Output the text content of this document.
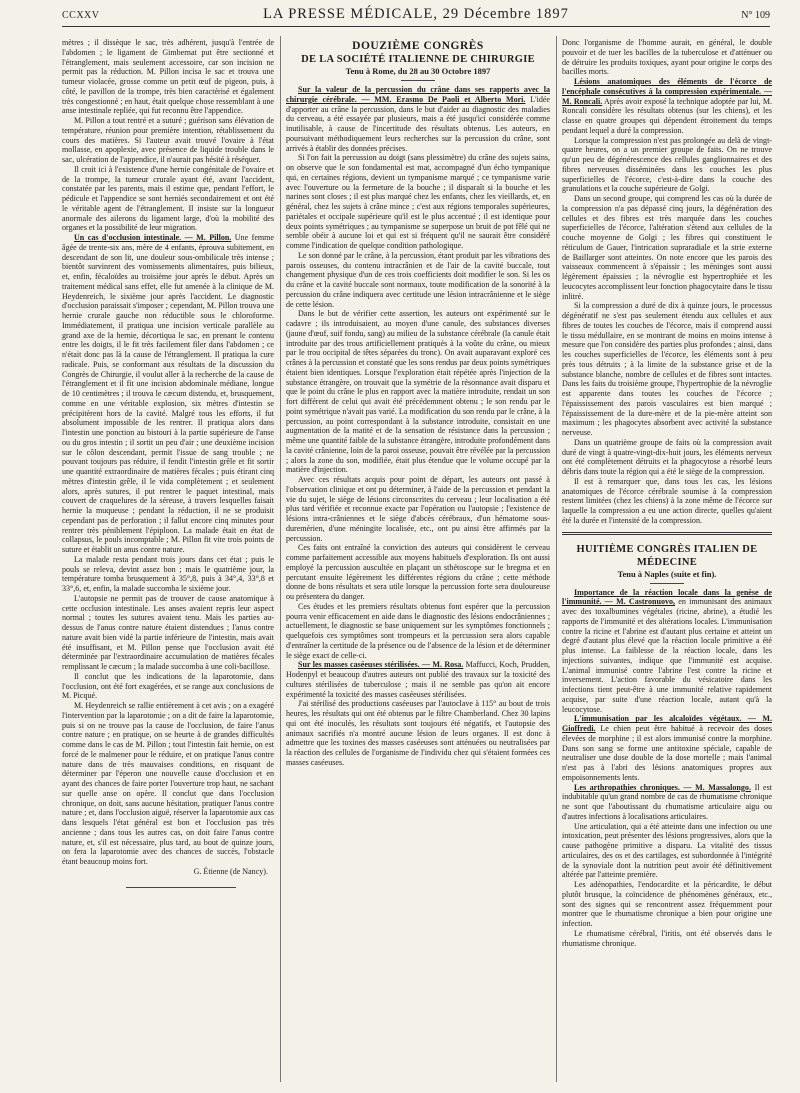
CCXXV	LA PRESSE MÉDICALE, 29 Décembre 1897	N° 109

mètres ; il dissèque le sac, très adhérent, jusqu'à l'entrée de l'abdomen ; le ligament de Gimbernat put être sectionné et l'étranglement, mais seulement accessoire, car son incision ne permit pas la réduction. M. Pillon incisa le sac et trouva une tumeur violacée, grosse comme un petit œuf de pigeon, puis, à côté, le pavillon de la trompe, très bien caractérisé et également très congestionné ; en haut, était quelque chose ressemblant à une anse intestinale repliée, qui fut reconnu être l'appendice.

M. Pillon a tout rentré et a suturé ; guérison sans élévation de température, réunion pour première intention, rétablissement du cours des matières. Si l'auteur avait trouvé l'ovaire à l'état mollasse, en apoplexie, avec présence de liquide trouble dans le sac, ulcération de l'appendice, il n'aurait pas hésité à réséquer.

Il croit ici à l'existence d'une hernie congénitale de l'ovaire et de la trompe, la tumeur crurale ayant été, avant l'accident, constatée par les parents, mais il estime que, pendant l'effort, le pédicule et l'appendice se sont herniés secondairement et ont été le véritable agent de l'étranglement. Il insiste sur la longueur anormale des ailerons du ligament large, d'où la mobilité des organes et la possibilité de leur migration.

Un cas d'occlusion intestinale. — M. Pillon. Une femme âgée de trente-six ans, mère de 4 enfants, éprouva subitement, en descendant de son lit, une douleur sous-ombilicale très intense ; bientôt survinrent des vomissements alimentaires, puis bilieux, et, enfin, fécaloïdes au troisième jour après le début. Après un traitement médical sans effet, elle fut amenée à la clinique de M. Heydenreich, le sixième jour après l'accident. Le diagnostic d'occlusion paraissait s'imposer ; cependant, M. Pillon trouva une hernie crurale gauche non réductible sous le chloroforme. Immédiatement, il pratiqua une incision verticale parallèle au grand axe de la hernie, décortiqua le sac, en prenant le contenu entre les doigts, il le fit très facilement filer dans l'abdomen ; ce n'était donc pas là la cause de l'étranglement. Il pratiqua la cure radicale. Puis, se conformant aux résultats de la discussion du Congrès de Chirurgie, il voulut aller à la recherche de la cause de l'étranglement et il fit une incision abdominale médiane, longue de 10 centimètres ; il trouva le cæcum distendu, et, brusquement, comme en une véritable explosion, six mètres d'intestin se précipitèrent hors de la cavité. Malgré tous les efforts, il fut absolument impossible de les rentrer. Il pratiqua alors dans l'intestin une ponction au bistouri à la partie supérieure de l'anse ou du gros intestin ; il sortit un peu d'air ; une deuxième incision sur le côlon descendant, permit l'issue de sang trouble ; ne pouvant toujours pas réduire, il fendit l'intestin grêle et fit sortir une quantité extraordinaire de matières fécales ; puis étirant cinq mètres d'intestin grêle, il le vida complètement ; et seulement alors, après sutures, il put rentrer le paquet intestinal, mais couvert de craquelures de la séreuse, à travers lesquelles faisait hernie la muqueuse ; pendant la réduction, il ne se produisit cependant pas de perforation ; il fallut encore cinq minutes pour rentrer très péniblement l'épiploon. La malade était en état de collapsus, le pouls incomptable ; M. Pillon fit vite trois points de suture et établit un anus contre nature.

La malade resta pendant trois jours dans cet état ; puis le pouls se releva, devint assez bon ; mais le quatrième jour, la température tomba brusquement à 35°,8, puis à 34°,4, 33°,8 et 33°,6, et, enfin, la malade succomba le sixième jour.

L'autopsie ne permit pas de trouver de cause anatomique à cette occlusion intestinale. Les anses avaient repris leur aspect normal ; toutes les sutures avaient tenu. Mais les parties au-dessus de l'anus contre nature étaient distendues ; l'anus contre nature avait bien vidé la partie inférieure de l'intestin, mais avait été insuffisant, et M. Pillon pense que l'occlusion avait été déterminée par l'extraordinaire accumulation de matières fécales remplissant le cæcum ; la malade succomba à une coli-bacillose.

Il conclut que les indications de la laparotomie, dans l'occlusion, ont été fort exagérées, et se range aux conclusions de M. Picqué.

M. Heydenreich se rallie entièrement à cet avis ; on a exagéré l'intervention par la laparotomie ; on a dit de faire la laparotomie, puis si on ne trouve pas la cause de l'occlusion, de faire l'anus contre nature ; en pratique, on se heurte à de grandes difficultés comme dans le cas de M. Pillon ; tout l'intestin fait hernie, on est forcé de le malmener pour le réduire, et on pratique l'anus contre nature dans de très mauvaises conditions, en risquant de déterminer par l'éperon une nouvelle cause d'occlusion et en ayant des chances de faire porter l'ouverture trop haut, ne sachant sur quelle anse on opère. Il conclut que dans l'occlusion chronique, on doit, sans aucune hésitation, pratiquer l'anus contre nature ; et, dans l'occlusion aiguë, réserver la laparotomie aux cas dans lesquels l'état général est bon et l'occlusion pas très ancienne ; dans tous les autres cas, on doit faire l'anus contre nature, et, s'il est nécessaire, plus tard, au bout de quinze jours, on fera la laparotomie avec des chances de succès, l'obstacle étant beaucoup moins fort.

G. Étienne (de Nancy).

DOUZIÈME CONGRÈS
DE LA SOCIÉTÉ ITALIENNE DE CHIRURGIE
Tenu à Rome, du 28 au 30 Octobre 1897

Sur la valeur de la percussion du crâne dans ses rapports avec la chirurgie cérébrale. — MM. Erasmo De Paoli et Alberto Mori. L'idée d'apporter au crâne la percussion, dans le but d'aider au diagnostic des maladies du cerveau, a été essayée par plusieurs, mais a été jusqu'ici considérée comme inutilisable, à cause de l'incertitude des résultats obtenus. Les auteurs, en poursuivant méthodiquement leurs recherches sur la percussion du crâne, sont arrivés à établir des données précises.

Si l'on fait la percussion au doigt (sans plessimètre) du crâne des sujets sains, on observe que le son fondamental est mat, accompagné d'un écho tympanique qui, en certaines régions, devient un tympanisme marqué ; ce tympanisme varie avec l'ouverture ou la fermeture de la bouche ; il disparaît si la bouche et les narines sont closes ; il est plus marqué chez les enfants, chez les vieillards, et, en général, chez les sujets à crâne mince ; c'est aux régions temporales supérieures, pariétales et occipale supérieure qu'il est le plus accentué ; il est identique pour deux points symétriques ; au tympanisme se superpose un bruit de pot fêlé qui ne semble obéir à aucune loi et qui est si fréquent qu'il ne saurait être considéré comme l'indication de quelque condition pathologique.

Le son donné par le crâne, à la percussion, étant produit par les vibrations des parois osseuses, du contenu intracrânien et de l'air de la cavité buccale, tout changement physique d'un de ces trois coefficients doit modifier le son. Si les os du crâne et la cavité buccale sont normaux, toute modification de la sonorité à la percussion du crâne indiquera avec certitude une lésion intracrânienne et le siège de cette lésion.

Dans le but de vérifier cette assertion, les auteurs ont expérimenté sur le cadavre ; ils introduisaient, au moyen d'une canule, des substances diverses (jaune d'œuf, suif fondu, sang) au milieu de la substance cérébrale (la canule était introduite par des trous artificiellement pratiqués à la voûte du crâne, ou mieux par le trou occipital de têtes séparées du tronc). On avait auparavant exploré ces crânes à la percussion et constaté que les sons rendus par deux points symétriques étaient bien identiques. Lorsque l'exploration était répétée après l'injection de la substance étrangère, on trouvait que la symétrie de la résonnance avait disparu et que le point du crâne le plus en rapport avec la matière introduite, rendait un son fort différent de celui qui avait été précédemment obtenu ; le son rendu par le point symétrique n'avait pas varié. La modification du son rendu par le crâne, à la percussion, au point correspondant à la substance introduite, consistait en une augmentation de la matité et de la sensation de résistance dans la percussion ; même une quantité faible de la substance étrangère, introduite profondément dans la cavité crânienne, loin de la paroi osseuse, pouvait être révélée par la percussion ; alors la zone du son, modifiée, était plus étendue que le volume occupé par la matière d'injection.

Avec ces résultats acquis pour point de départ, les auteurs ont passé à l'observation clinique et ont pu déterminer, à l'aide de la percussion et pendant la vie du sujet, le siège de lésions circonscrites du cerveau ; leur localisation a été plus tard vérifiée et reconnue exacte par l'opération ou l'autopsie ; l'existence de lésions intra-crâniennes et le siège d'abcès cérébraux, d'un hématome sous-duremérien, d'une méningite localisée, etc., ont pu ainsi être affirmés par la percussion.

Ces faits ont entraîné la conviction des auteurs qui considèrent le cerveau comme parfaitement accessible aux moyens habituels d'exploration. Ils ont aussi employé la percussion auscultée en plaçant un sthétoscope sur le bregma et en percutant ensuite légèrement les différentes régions du crâne ; cette méthode donne de bons résultats et sera utile lorsque la percussion forte sera douloureuse ou présentera du danger.

Ces études et les premiers résultats obtenus font espérer que la percussion pourra venir efficacement en aide dans le diagnostic des lésions endocrâniennes ; actuellement, le diagnostic se base uniquement sur les symptômes fonctionnels ; quelquefois ces symptômes sont trompeurs et la percussion sera alors capable d'entraîner la certitude de la présence ou de l'absence de la lésion et de déterminer le siège exact de celle-ci.

Sur les masses caséeuses stérilisées. — M. Rosa. Maffucci, Koch, Prudden, Hodenpyl et beaucoup d'autres auteurs ont publié des travaux sur la toxicité des cultures stérilisées de tuberculose ; mais il ne semble pas qu'on ait encore expérimenté la toxicité des masses caséeuses stérilisées.

J'ai stérilisé des productions caséeuses par l'autoclave à 115° au bout de trois heures, les résultats qui ont été obtenus par le filtre Chamberland. Chez 30 lapins qui ont été inoculés, les résultats sont toujours été négatifs, et l'autopsie des animaux sacrifiés n'a montré aucune lésion de leurs organes. Il est donc à admettre que les toxines des masses caséeuses sont atténuées ou neutralisées par la réaction des cellules de l'organisme de l'individu chez qui s'étaient formées ces masses caséeuses.

Donc l'organisme de l'homme aurait, en général, le double pouvoir et de tuer les bacilles de la tuberculose et d'atténuer ou de détruire les produits toxiques, ayant pour origine le corps des bacilles morts.

Lésions anatomiques des éléments de l'écorce de l'encéphale consécutives à la compression expérimentale. — M. Roncali. Après avoir exposé la technique adoptée par lui, M. Roncali considère les résultats obtenus (sur les chiens), et les classe en quatre groupes qui dépendent étroitement du temps pendant lequel a duré la compression.

Lorsque la compression n'est pas prolongée au delà de vingt-quatre heures, on a un premier groupe de faits. On ne trouve qu'un peu de dégénérescence des cellules ganglionnaires et des fibres nerveuses disséminées dans les couches les plus superficielles de l'écorce, c'est-à-dire dans la couche des granulations et la couche supérieure de Golgi.

Dans un second groupe, qui comprend les cas où la durée de la compression n'a pas dépassé cinq jours, la dégénération des cellules et des fibres est très marquée dans les couches superficielles de l'écorce, l'altération s'étend aux cellules de la couche moyenne de Golgi ; les fibres qui constituent le réticulum de Gauer, l'intrication supraradiale et la strie externe de Baillarger sont atteintes. On note encore que les parois des vaisseaux commencent à s'épaissir ; les méninges sont aussi légèrement épaissies ; la névroglie est hypertrophiée et les leucocytes accomplissent leur fonction phagocytaire dans le tissu inlitré.

Si la compression a duré de dix à quinze jours, le processus dégénératif ne s'est pas seulement étendu aux cellules et aux fibres de toutes les couches de l'écorce, mais il comprend aussi le tissu médullaire, en se montrant de moins en moins intense à mesure que l'on considère des parties plus profondes ; ainsi, dans les couches superficielles de l'écorce, les éléments sont à peu près tous détruits ; à la limite de la substance grise et de la substance blanche, nombre de cellules et de fibres sont intactes. Dans les faits du troisième groupe, l'hypertrophie de la névroglie est apparente dans toutes les couches de l'écorce ; l'épaississement des parois vasculaires est bien marqué ; l'épaississement de la dure-mère et de la pie-mère atteint son maximum ; les phagocytes absorbent avec activité la substance nerveuse.

Dans un quatrième groupe de faits où la compression avait duré de vingt à quatre-vingt-dix-huit jours, les éléments nerveux ont été complètement détruits et la phagocytose a résorbé leurs débris dans toute la région qui a été le siège de la compression.

Il est à remarquer que, dans tous les cas, les lésions anatomiques de l'écorce cérébrale soumise à la compression restent limitées (chez les chiens) à la zone même de l'écorce sur laquelle la compression a eu une action directe, quelles qu'aient été la durée et l'intensité de la compression.

HUITIÈME CONGRÈS ITALIEN DE MÉDECINE
Tenu à Naples (suite et fin).

Importance de la réaction locale dans la genèse de l'immunité. — M. Castronuovo, en immunisant des animaux avec des toxalbumines végétales (ricine, abrine), a étudié les rapports de l'immunité et des altérations locales. L'immunisation contre la ricine et l'abrine est d'autant plus certaine et atteint un degré d'autant plus élevé que la réaction locale primitive a été plus intense. La faiblesse de la réaction locale, dans les injections suivantes, indique que l'immunité est acquise. L'animal immunisé contre l'abrine l'est contre la ricine et inversement. L'action favorable du vésicatoire dans les infections tient peut-être à une immunité relative rapidement acquise, par suite d'une réaction locale, autant qu'à la leucocytose.

L'immunisation par les alcaloïdes végétaux. — M. Gioffredi. Le chien peut être habitué à recevoir des doses élevées de morphine ; il est alors immunisé contre la morphine. Dans son sang se forme une antitoxine spéciale, capable de neutraliser une dose double de la dose mortelle ; mais l'animal n'est pas à l'abri des lésions anatomiques propres aux empoisonnements lents.

Les arthropathies chroniques. — M. Massalongo. Il est indubitable qu'un grand nombre de cas de rhumatisme chronique ne sont que l'aboutissant du rhumatisme articulaire aigu ou d'autres infections à localisations articulaires.

Une articulation, qui a été atteinte dans une infection ou une intoxication, peut présenter des lésions progressives, alors que la cause pathogène primitive a disparu. La vitalité des tissus articulaires, des os et des cartilages, est subordonnée à l'intégrité de la synoviale dont la nutrition peut avoir été définitivement altérée par l'atteinte première.

Les adénopathies, l'endocardite et la péricardite, le début plutôt brusque, la coïncidence de phénomènes généraux, etc., sont des signes qui se rencontrent assez fréquemment pour montrer que le rhumatisme chronique a bien pour origine une infection.

Le rhumatisme cérébral, l'iritis, ont été observés dans le rhumatisme chronique.
